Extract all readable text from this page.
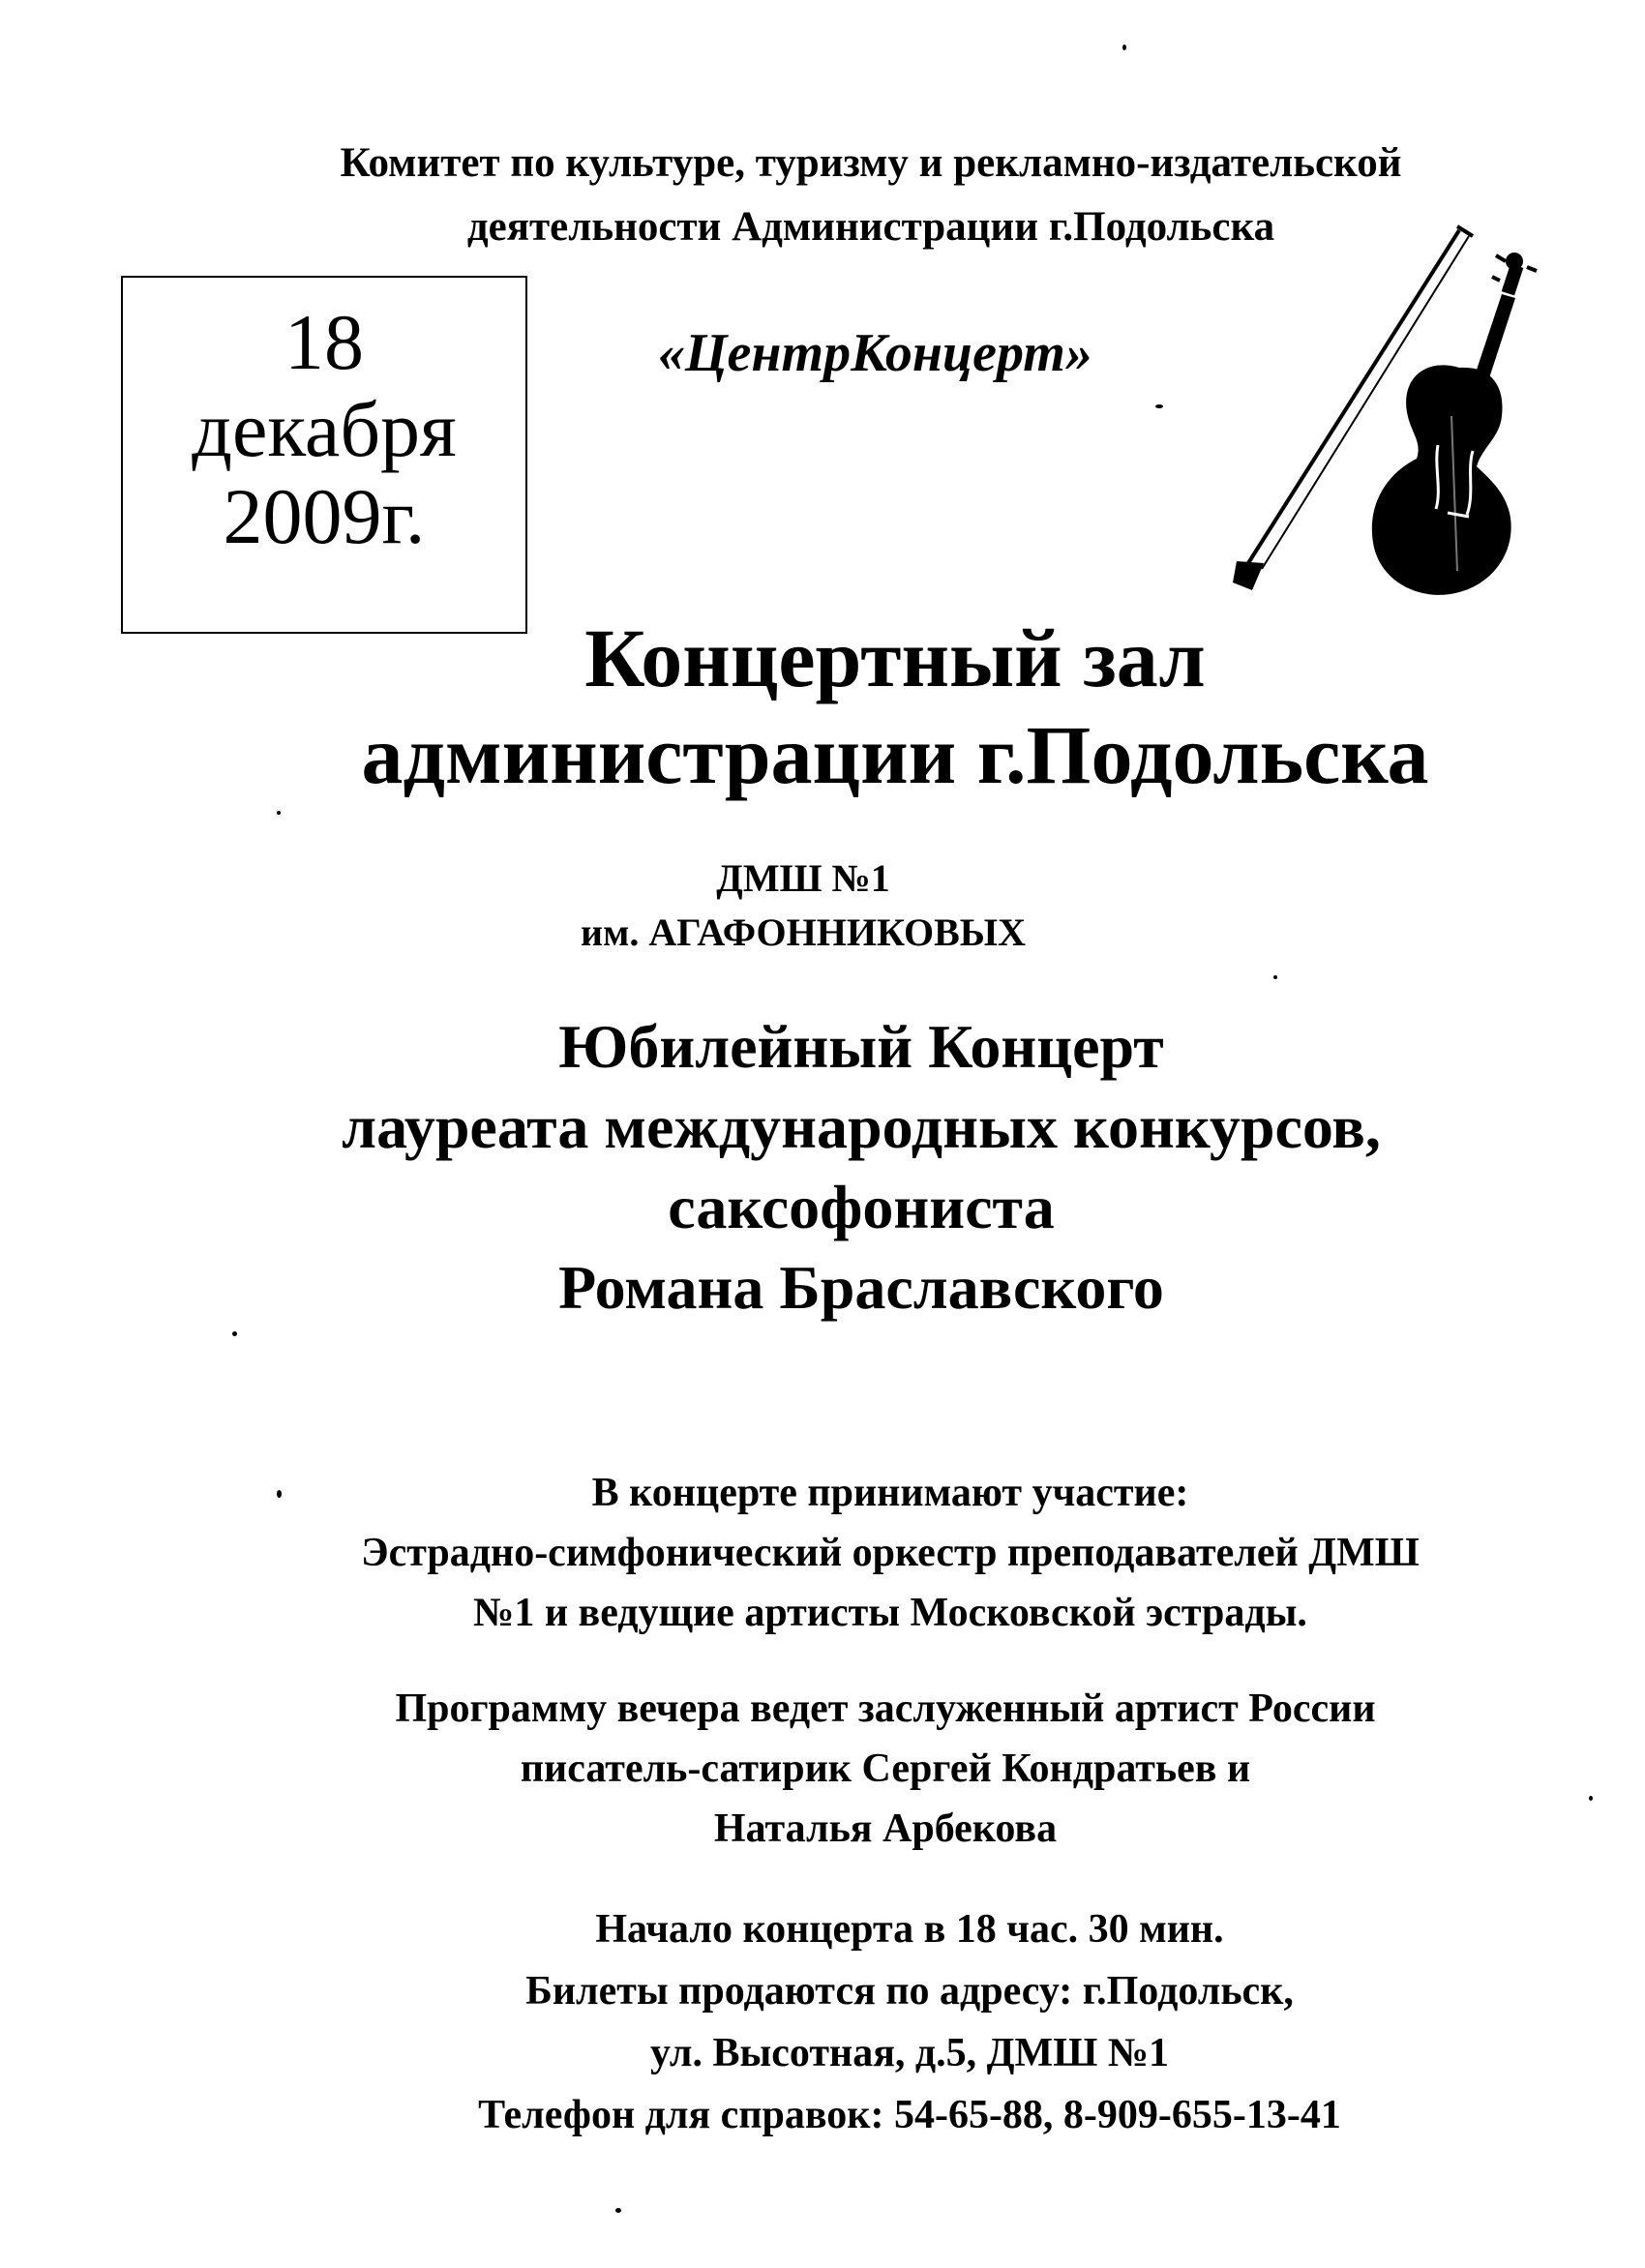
Комитет по культуре, туризму и рекламно-издательской
деятельности Администрации г.Подольска
18
декабря
2009г.
«ЦентрКонцерт»
Концертный зал
администрации г.Подольска
ДМШ №1
им. АГАФОННИКОВЫХ
Юбилейный Концерт
лауреата международных конкурсов,
саксофониста
Романа Браславского
В концерте принимают участие:
Эстрадно-симфонический оркестр преподавателей ДМШ
№1 и ведущие артисты Московской эстрады.
Программу вечера ведет заслуженный артист России
писатель-сатирик Сергей Кондратьев и
Наталья Арбекова
Начало концерта в 18 час. 30 мин.
Билеты продаются по адресу: г.Подольск,
ул. Высотная, д.5, ДМШ №1
Телефон для справок: 54-65-88, 8-909-655-13-41
